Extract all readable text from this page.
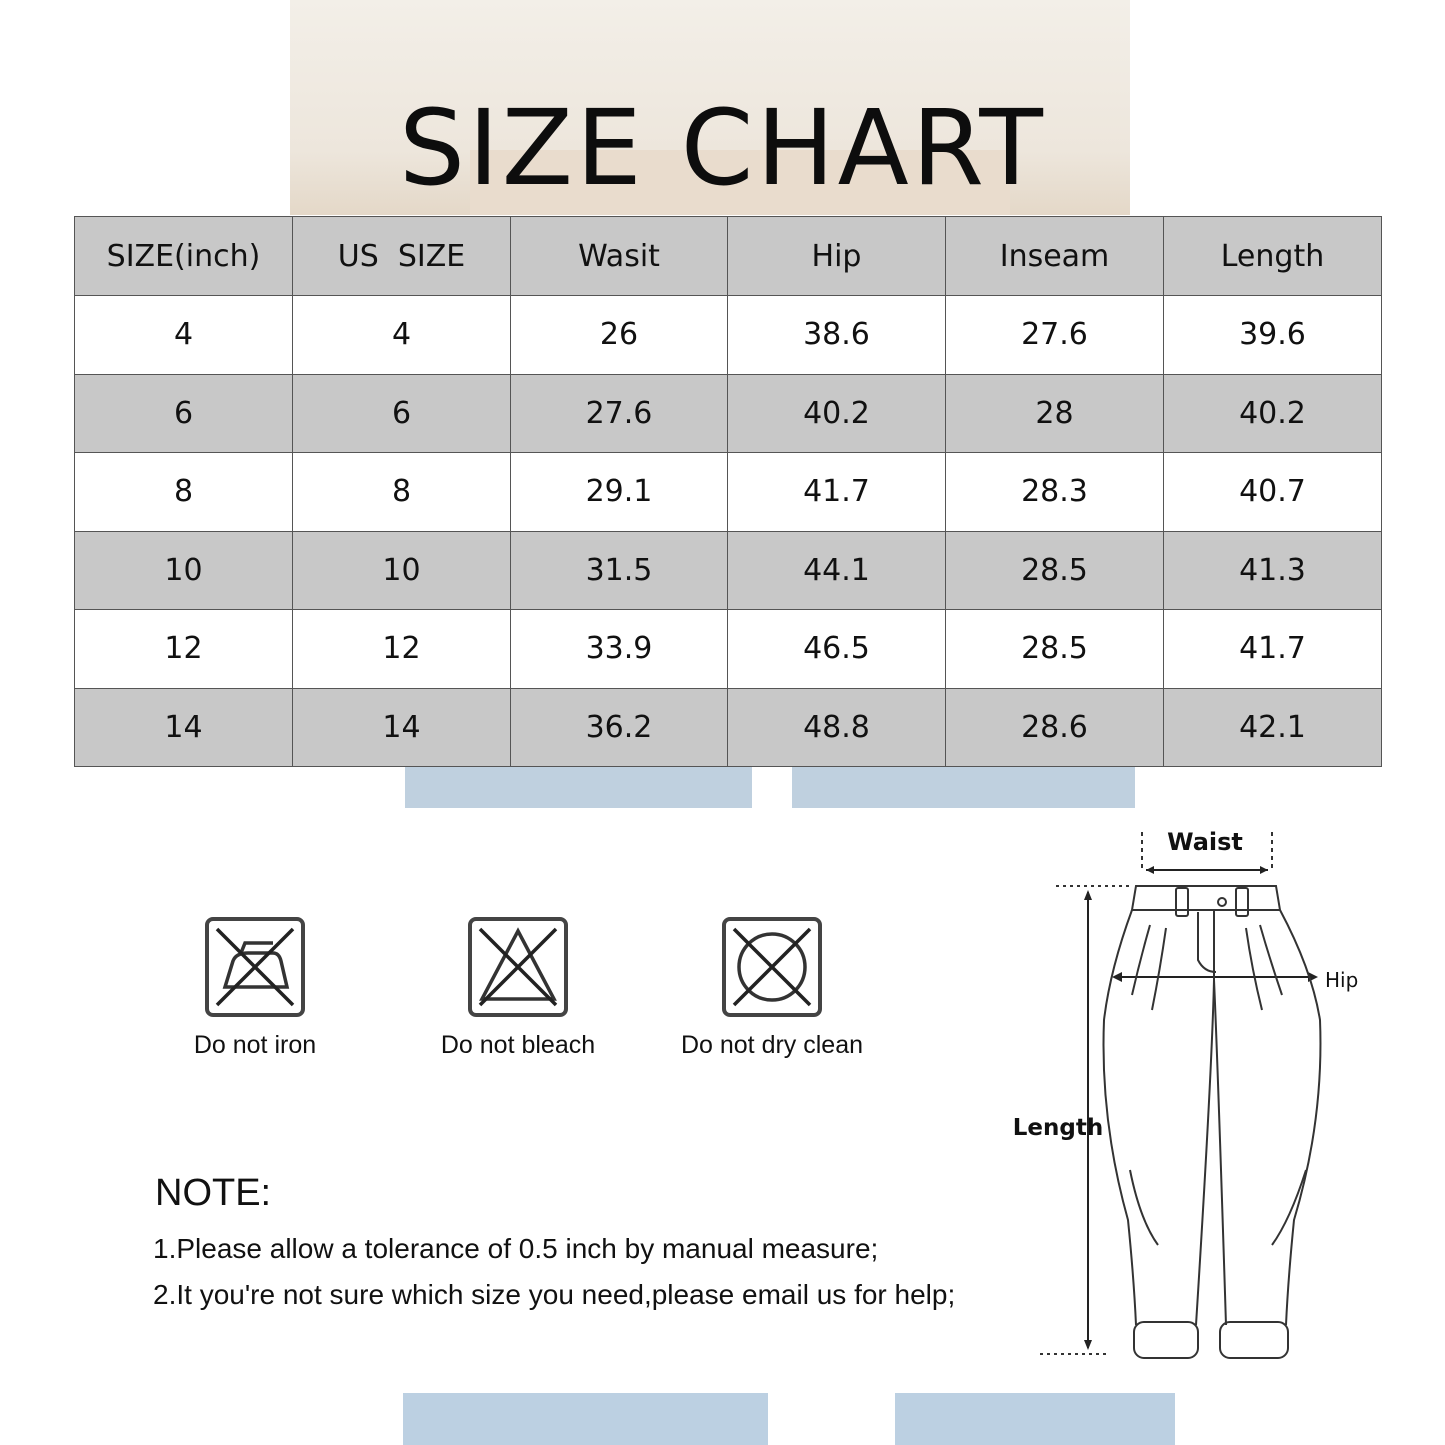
SIZE CHART
SIZE(inch)	US  SIZE	Wasit	Hip	Inseam	Length
4	4	26	38.6	27.6	39.6
6	6	27.6	40.2	28	40.2
8	8	29.1	41.7	28.3	40.7
10	10	31.5	44.1	28.5	41.3
12	12	33.9	46.5	28.5	41.7
14	14	36.2	48.8	28.6	42.1
Do not iron	Do not bleach	Do not dry clean
NOTE:
1.Please allow a tolerance of 0.5 inch by manual measure;
2.It you're not sure which size you need,please email us for help;
Waist
Length
Hip
